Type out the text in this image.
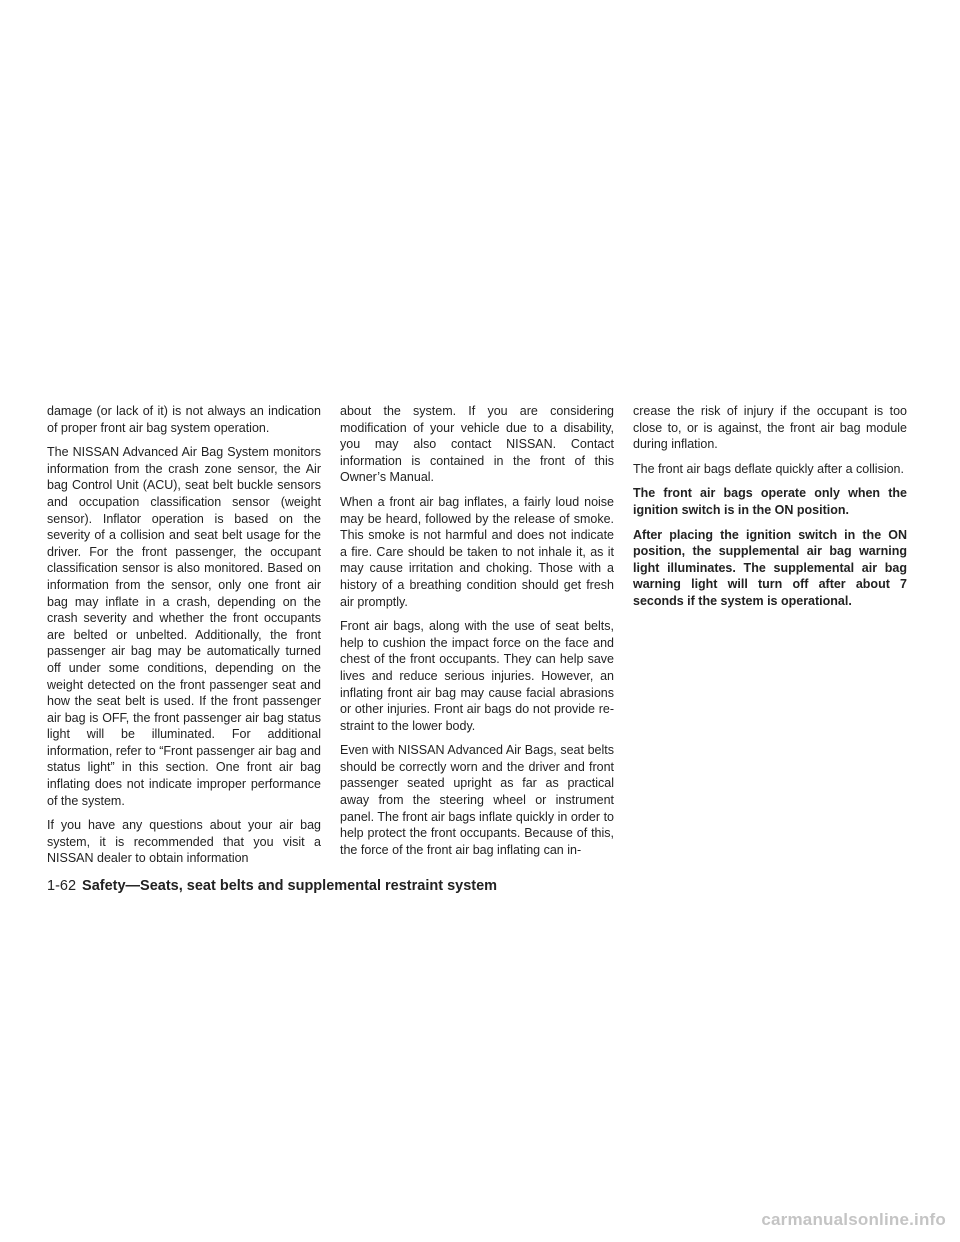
damage (or lack of it) is not always an indication of proper front air bag system operation.

The NISSAN Advanced Air Bag System monitors information from the crash zone sensor, the Air bag Control Unit (ACU), seat belt buckle sensors and occupation classification sensor (weight sensor). Inflator operation is based on the severity of a collision and seat belt usage for the driver. For the front passenger, the occupant classification sensor is also monitored. Based on information from the sensor, only one front air bag may inflate in a crash, depending on the crash severity and whether the front occupants are belted or unbelted. Additionally, the front passenger air bag may be automatically turned off under some conditions, depending on the weight detected on the front passenger seat and how the seat belt is used. If the front passenger air bag is OFF, the front passenger air bag status light will be illuminated. For additional information, refer to “Front passenger air bag and status light” in this section. One front air bag inflating does not indicate improper performance of the system.

If you have any questions about your air bag system, it is recommended that you visit a NISSAN dealer to obtain information

about the system. If you are considering modification of your vehicle due to a disability, you may also contact NISSAN. Contact information is contained in the front of this Owner’s Manual.

When a front air bag inflates, a fairly loud noise may be heard, followed by the release of smoke. This smoke is not harmful and does not indicate a fire. Care should be taken to not inhale it, as it may cause irritation and choking. Those with a history of a breathing condition should get fresh air promptly.

Front air bags, along with the use of seat belts, help to cushion the impact force on the face and chest of the front occupants. They can help save lives and reduce serious injuries. However, an inflating front air bag may cause facial abrasions or other injuries. Front air bags do not provide restraint to the lower body.

Even with NISSAN Advanced Air Bags, seat belts should be correctly worn and the driver and front passenger seated upright as far as practical away from the steering wheel or instrument panel. The front air bags inflate quickly in order to help protect the front occupants. Because of this, the force of the front air bag inflating can in-

crease the risk of injury if the occupant is too close to, or is against, the front air bag module during inflation.

The front air bags deflate quickly after a collision.

The front air bags operate only when the ignition switch is in the ON position.

After placing the ignition switch in the ON position, the supplemental air bag warning light illuminates. The supplemental air bag warning light will turn off after about 7 seconds if the system is operational.

1-62 Safety—Seats, seat belts and supplemental restraint system
carmanualsonline.info
